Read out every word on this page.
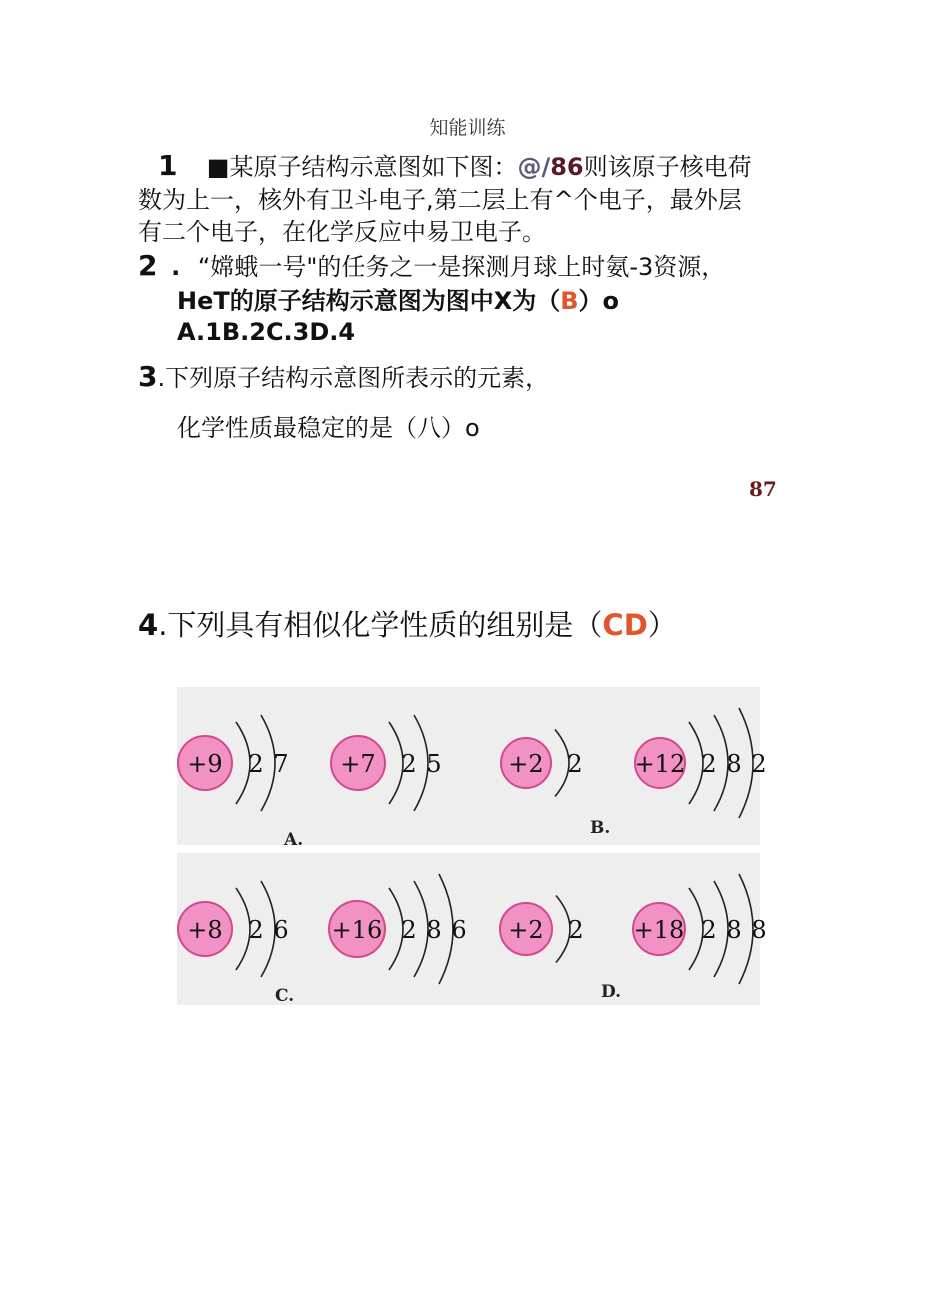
知能训练
1 ■某原子结构示意图如下图：@/86则该原子核电荷
数为上一，核外有卫斗电子,第二层上有^个电子，最外层
有二个电子，在化学反应中易卫电子。
2 . “嫦蛾一号"的任务之一是探测月球上时氨-3资源，
HeT的原子结构示意图为图中X为（B）o
A.1B.2C.3D.4
3.下列原子结构示意图所表示的元素，
化学性质最稳定的是（八）o
87
4.下列具有相似化学性质的组别是（CD）
+9 2 7 +7 2 5	+2 2 +12 2 8 2
A.
B.
+8 2 6 +16 2 8 6 +2 2 +18 2 8 8
C.	D.
